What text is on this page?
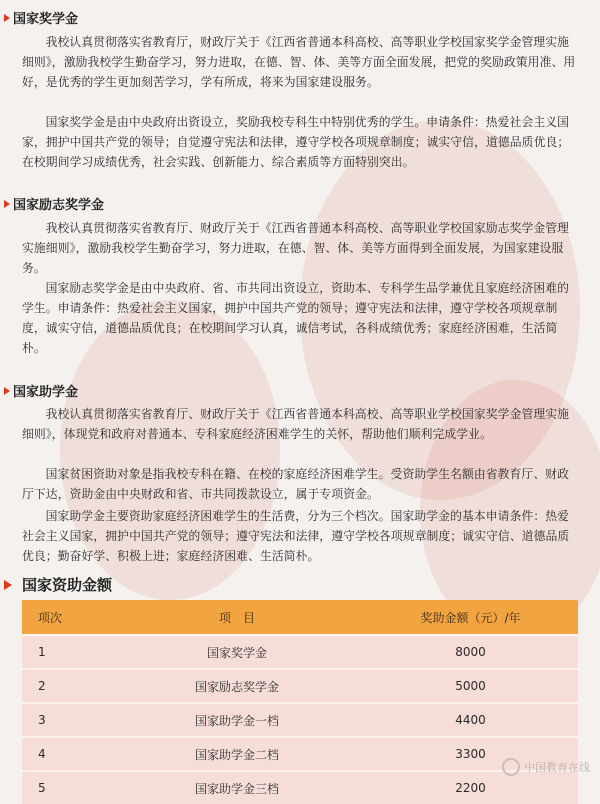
国家奖学金

我校认真贯彻落实省教育厅，财政厅关于《江西省普通本科高校、高等职业学校国家奖学金管理实施细则》，激励我校学生勤奋学习，努力进取，在德、智、体、美等方面全面发展，把党的奖励政策用准、用好，是优秀的学生更加刻苦学习，学有所成，将来为国家建设服务。

国家奖学金是由中央政府出资设立，奖励我校专科生中特别优秀的学生。申请条件：热爱社会主义国家，拥护中国共产党的领导；自觉遵守宪法和法律，遵守学校各项规章制度；诚实守信，道德品质优良；在校期间学习成绩优秀，社会实践、创新能力、综合素质等方面特别突出。

国家励志奖学金

我校认真贯彻落实省教育厅、财政厅关于《江西省普通本科高校、高等职业学校国家励志奖学金管理实施细则》，激励我校学生勤奋学习，努力进取，在德、智、体、美等方面得到全面发展，为国家建设服务。

国家励志奖学金是由中央政府、省、市共同出资设立，资助本、专科学生品学兼优且家庭经济困难的学生。申请条件：热爱社会主义国家，拥护中国共产党的领导；遵守宪法和法律，遵守学校各项规章制度，诚实守信，道德品质优良；在校期间学习认真，诚信考试，各科成绩优秀；家庭经济困难，生活简朴。

国家助学金

我校认真贯彻落实省教育厅、财政厅关于《江西省普通本科高校、高等职业学校国家奖学金管理实施细则》，体现党和政府对普通本、专科家庭经济困难学生的关怀，帮助他们顺利完成学业。

国家贫困资助对象是指我校专科在籍、在校的家庭经济困难学生。受资助学生名额由省教育厅、财政厅下达，资助金由中央财政和省、市共同拨款设立，属于专项资金。

国家助学金主要资助家庭经济困难学生的生活费，分为三个档次。国家助学金的基本申请条件：热爱社会主义国家，拥护中国共产党的领导；遵守宪法和法律，遵守学校各项规章制度；诚实守信、道德品质优良；勤奋好学、积极上进；家庭经济困难、生活简朴。

国家资助金额
项次	项　目	奖助金额（元）/年
1	国家奖学金	8000
2	国家励志奖学金	5000
3	国家助学金一档	4400
4	国家助学金二档	3300
5	国家助学金三档	2200
中国教育在线
